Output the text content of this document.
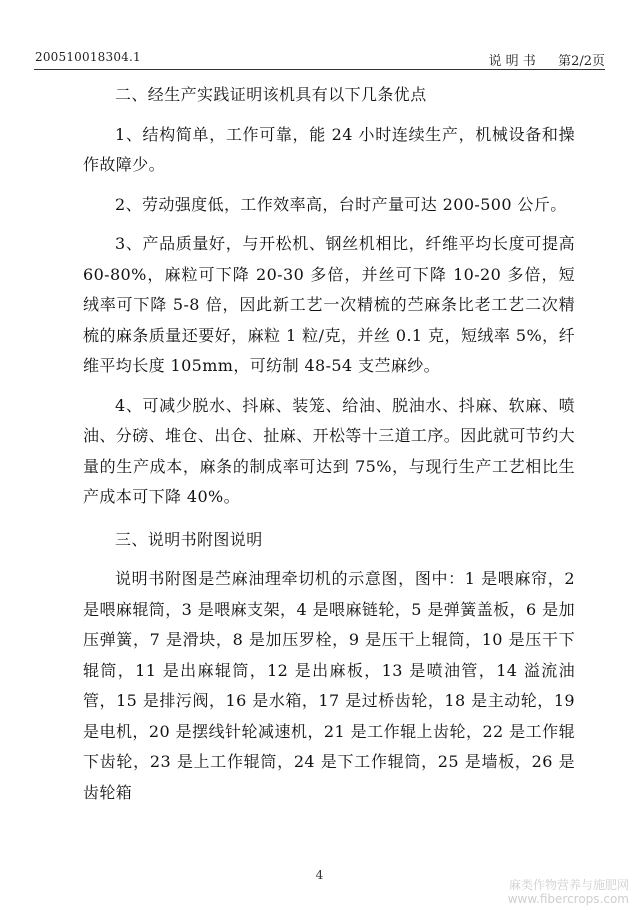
200510018304.1	说 明 书 第2/2页

二、经生产实践证明该机具有以下几条优点

1、结构简单，工作可靠，能 24 小时连续生产，机械设备和操作故障少。

2、劳动强度低，工作效率高，台时产量可达 200-500 公斤。

3、产品质量好，与开松机、钢丝机相比，纤维平均长度可提高 60-80%，麻粒可下降 20-30 多倍，并丝可下降 10-20 多倍，短绒率可下降 5-8 倍，因此新工艺一次精梳的苎麻条比老工艺二次精梳的麻条质量还要好，麻粒 1 粒/克，并丝 0.1 克，短绒率 5%，纤维平均长度 105mm，可纺制 48-54 支苎麻纱。

4、可减少脱水、抖麻、装笼、给油、脱油水、抖麻、软麻、喷油、分磅、堆仓、出仓、扯麻、开松等十三道工序。因此就可节约大量的生产成本，麻条的制成率可达到 75%，与现行生产工艺相比生产成本可下降 40%。

三、说明书附图说明

说明书附图是苎麻油理牵切机的示意图，图中：1 是喂麻帘，2 是喂麻辊筒，3 是喂麻支架，4 是喂麻链轮，5 是弹簧盖板，6 是加压弹簧，7 是滑块，8 是加压罗栓，9 是压干上辊筒，10 是压干下辊筒，11 是出麻辊筒，12 是出麻板，13 是喷油管，14 溢流油管，15 是排污阀，16 是水箱，17 是过桥齿轮，18 是主动轮，19 是电机，20 是摆线针轮减速机，21 是工作辊上齿轮，22 是工作辊下齿轮，23 是上工作辊筒，24 是下工作辊筒，25 是墙板，26 是齿轮箱

4
麻类作物营养与施肥网
www.fibercrops.com
